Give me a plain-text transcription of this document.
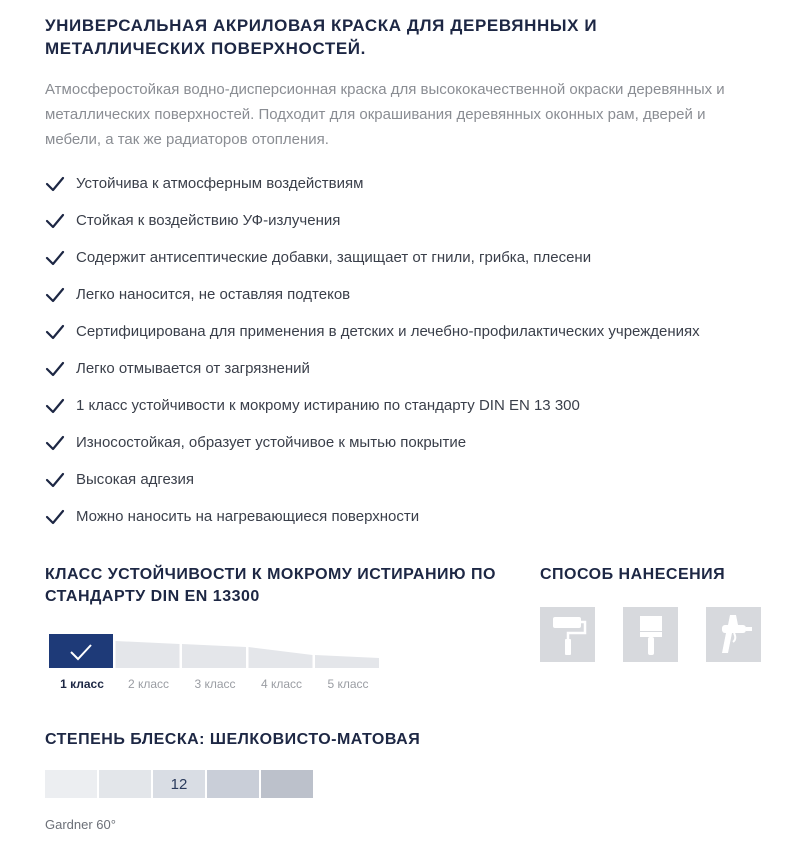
УНИВЕРСАЛЬНАЯ АКРИЛОВАЯ КРАСКА ДЛЯ ДЕРЕВЯННЫХ И МЕТАЛЛИЧЕСКИХ ПОВЕРХНОСТЕЙ.

Атмосферостойкая водно-дисперсионная краска для высококачественной окраски деревянных и металлических поверхностей. Подходит для окрашивания деревянных оконных рам, дверей и мебели, а так же радиаторов отопления.

Устойчива к атмосферным воздействиям
Стойкая к воздействию УФ-излучения
Содержит антисептические добавки, защищает от гнили, грибка, плесени
Легко наносится, не оставляя подтеков
Сертифицирована для применения в детских и лечебно-профилактических учреждениях
Легко отмывается от загрязнений
1 класс устойчивости к мокрому истиранию по стандарту DIN EN 13 300
Износостойкая, образует устойчивое к мытью покрытие
Высокая адгезия
Можно наносить на нагревающиеся поверхности
КЛАСС УСТОЙЧИВОСТИ К МОКРОМУ ИСТИРАНИЮ ПО СТАНДАРТУ DIN EN 13300
1 класс	2 класс	3 класс	4 класс	5 класс
СПОСОБ НАНЕСЕНИЯ
СТЕПЕНЬ БЛЕСКА: ШЕЛКОВИСТО-МАТОВАЯ
12
Gardner 60°
